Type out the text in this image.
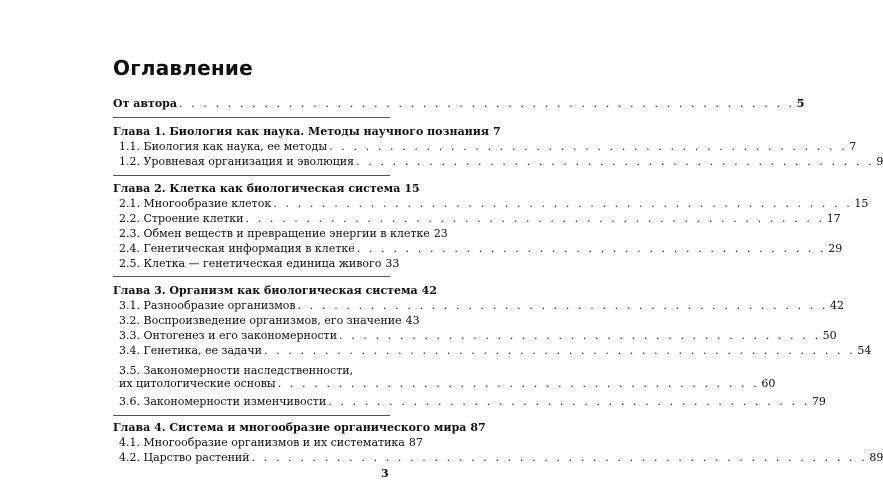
Оглавление
От автора . . . . . . . . . . . . . . . . . . . . . . . . . . . . . . . . . . . . . . . . . . . . . . . . . . . 5
Глава 1. Биология как наука. Методы научного познания 7
1.1. Биология как наука, ее методы . . . . . . . . . . . . . . . . . . . . . . . . . . . . . . . . . . . . . . . . . . . 7
1.2. Уровневая организация и эволюция . . . . . . . . . . . . . . . . . . . . . . . . . . . . . . . . . . . . . . . . . . . 9
Глава 2. Клетка как биологическая система 15
2.1. Многообразие клеток . . . . . . . . . . . . . . . . . . . . . . . . . . . . . . . . . . . . . . . . . . . . . . . . 15
2.2. Строение клетки . . . . . . . . . . . . . . . . . . . . . . . . . . . . . . . . . . . . . . . . . . . . . . . . 17
2.3. Обмен веществ и превращение энергии в клетке 23
2.4. Генетическая информация в клетке . . . . . . . . . . . . . . . . . . . . . . . . . . . . . . . . . . . . . . . 29
2.5. Клетка — генетическая единица живого 33
Глава 3. Организм как биологическая система 42
3.1. Разнообразие организмов . . . . . . . . . . . . . . . . . . . . . . . . . . . . . . . . . . . . . . . . . . . . 42
3.2. Воспроизведение организмов, его значение 43
3.3. Онтогенез и его закономерности . . . . . . . . . . . . . . . . . . . . . . . . . . . . . . . . . . . . . . . . 50
3.4. Генетика, ее задачи . . . . . . . . . . . . . . . . . . . . . . . . . . . . . . . . . . . . . . . . . . . . . . . . . 54
3.5. Закономерности наследственности,
их цитологические основы . . . . . . . . . . . . . . . . . . . . . . . . . . . . . . . . . . . . . . . . 60
3.6. Закономерности изменчивости . . . . . . . . . . . . . . . . . . . . . . . . . . . . . . . . . . . . . . . . 79
Глава 4. Система и многообразие органического мира 87
4.1. Многообразие организмов и их систематика 87
4.2. Царство растений . . . . . . . . . . . . . . . . . . . . . . . . . . . . . . . . . . . . . . . . . . . . . . . . . . . 89
3
